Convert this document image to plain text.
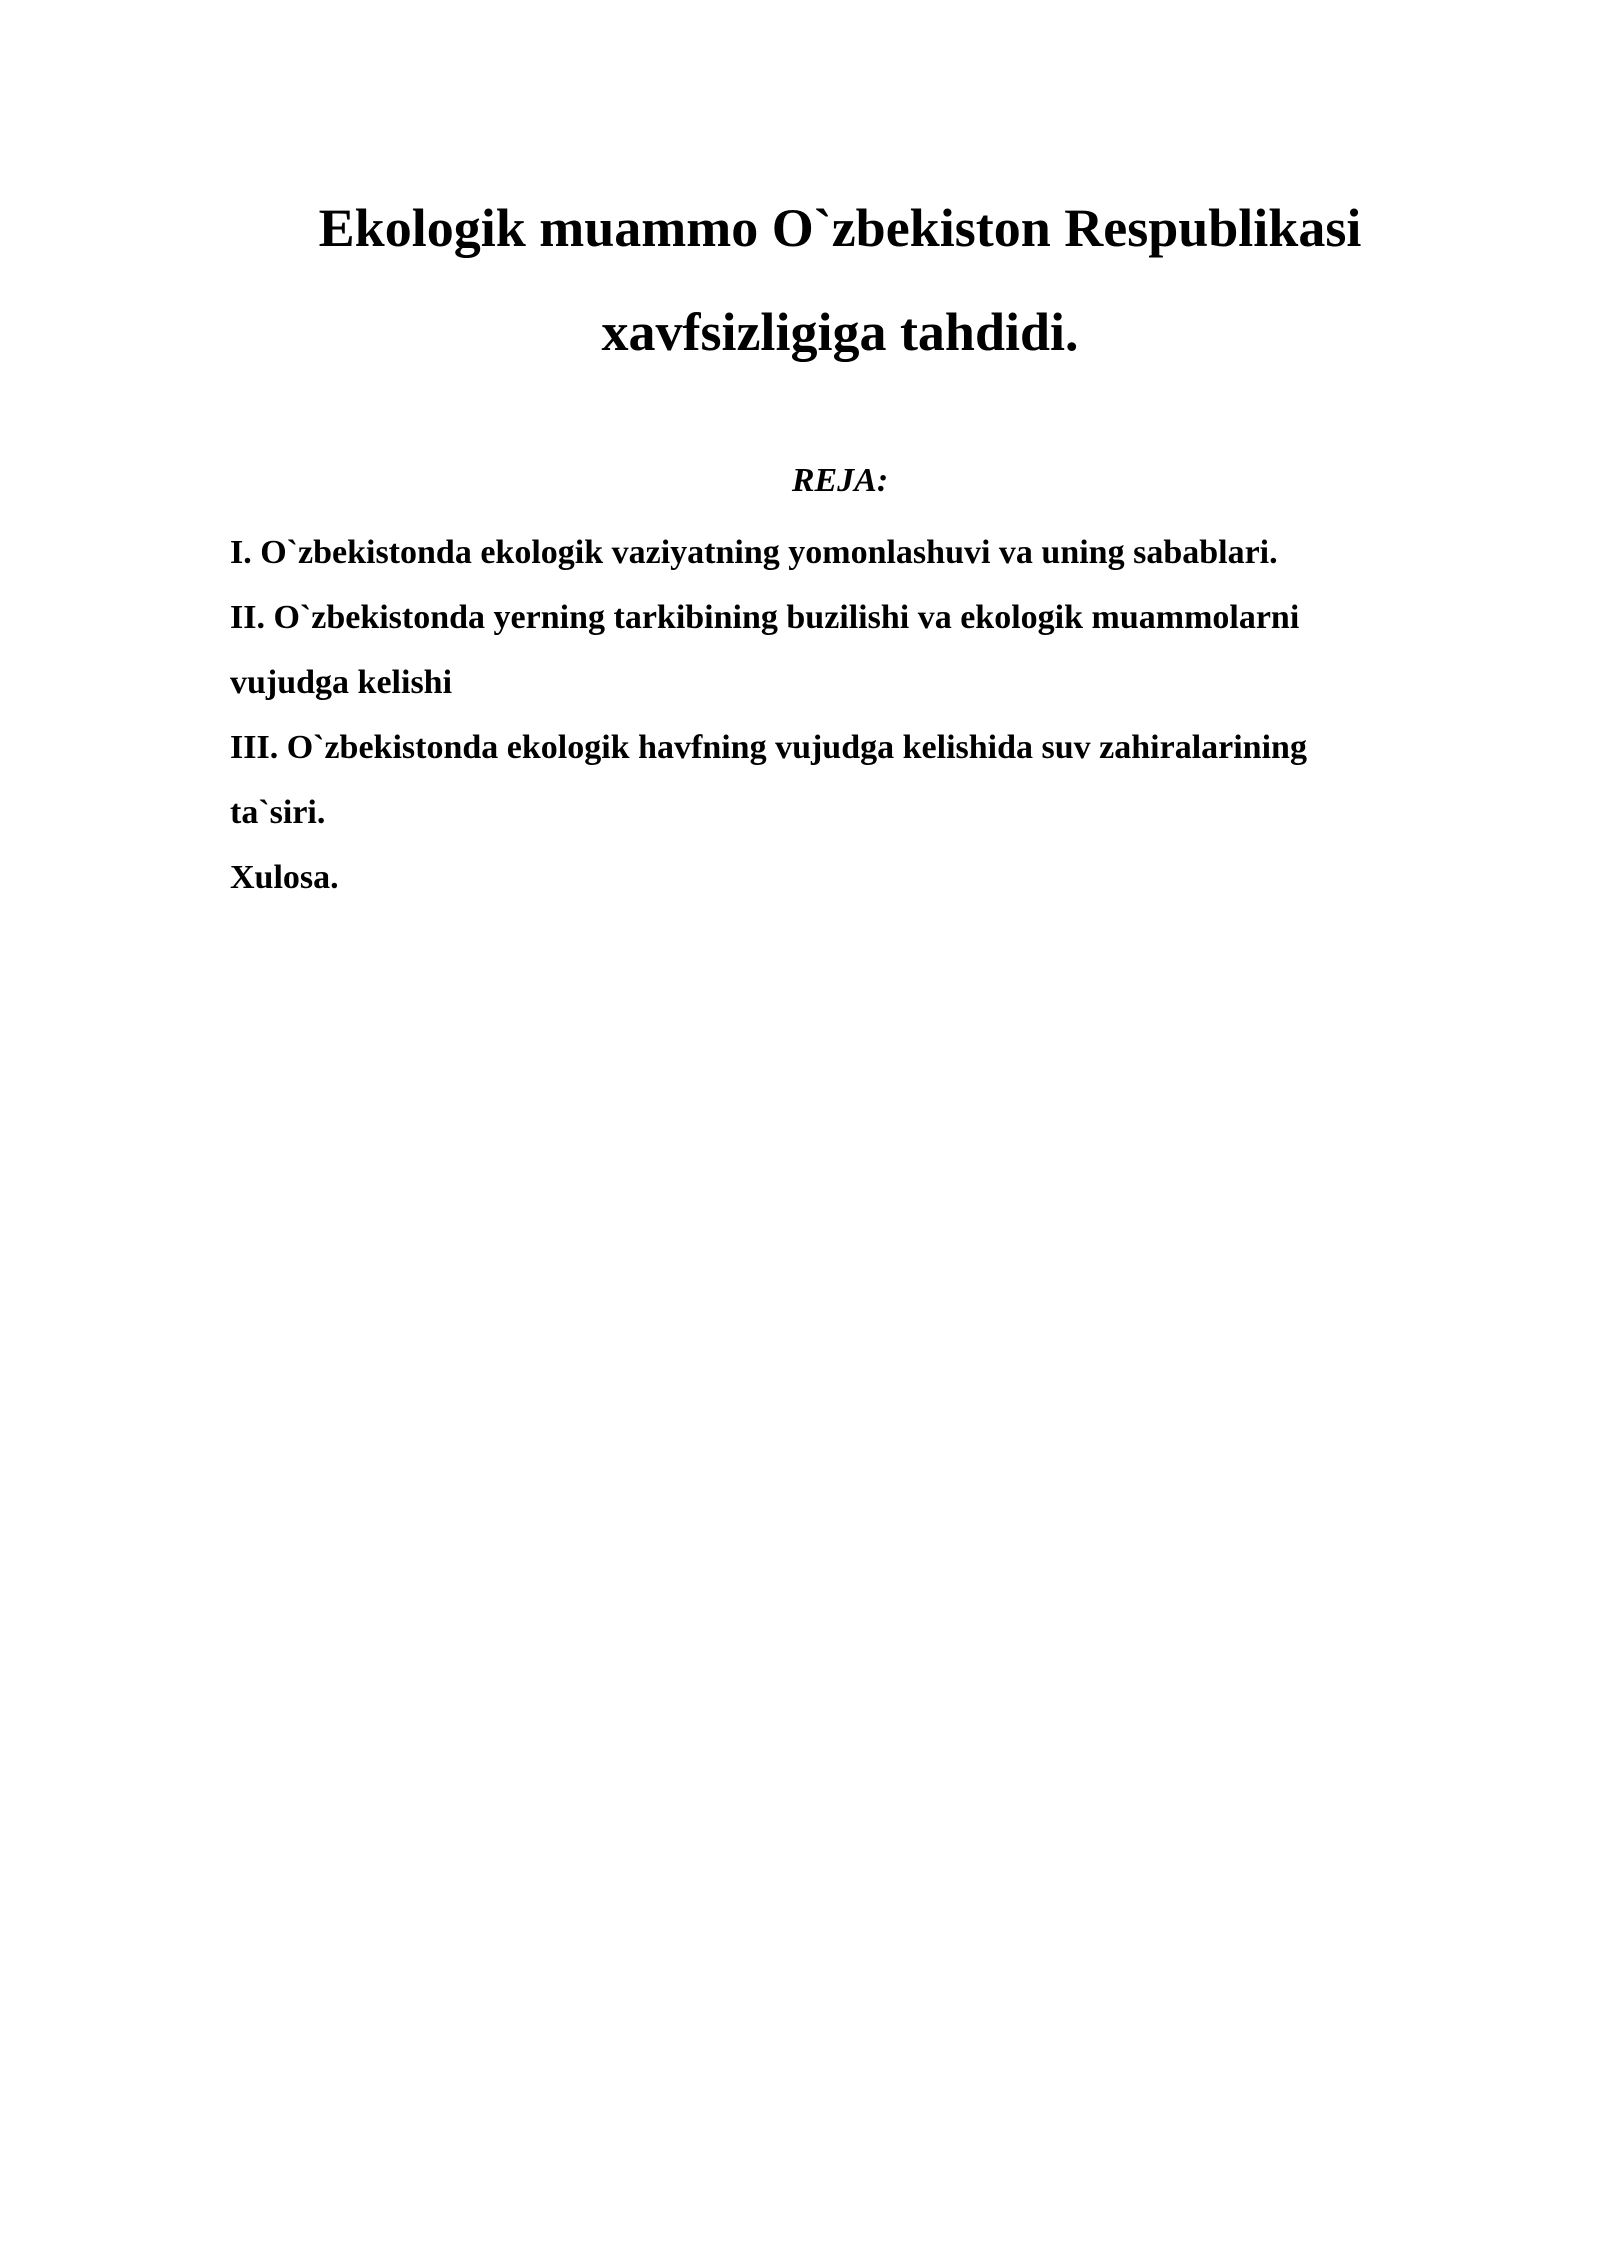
Ekologik muammo O`zbekiston Respublikasi
xavfsizligiga tahdidi.

REJA:

I. O`zbekistonda ekologik vaziyatning yomonlashuvi va uning sabablari.
II. O`zbekistonda yerning tarkibining buzilishi va ekologik muammolarni
vujudga kelishi
III. O`zbekistonda ekologik havfning vujudga kelishida suv zahiralarining
ta`siri.
Xulosa.
